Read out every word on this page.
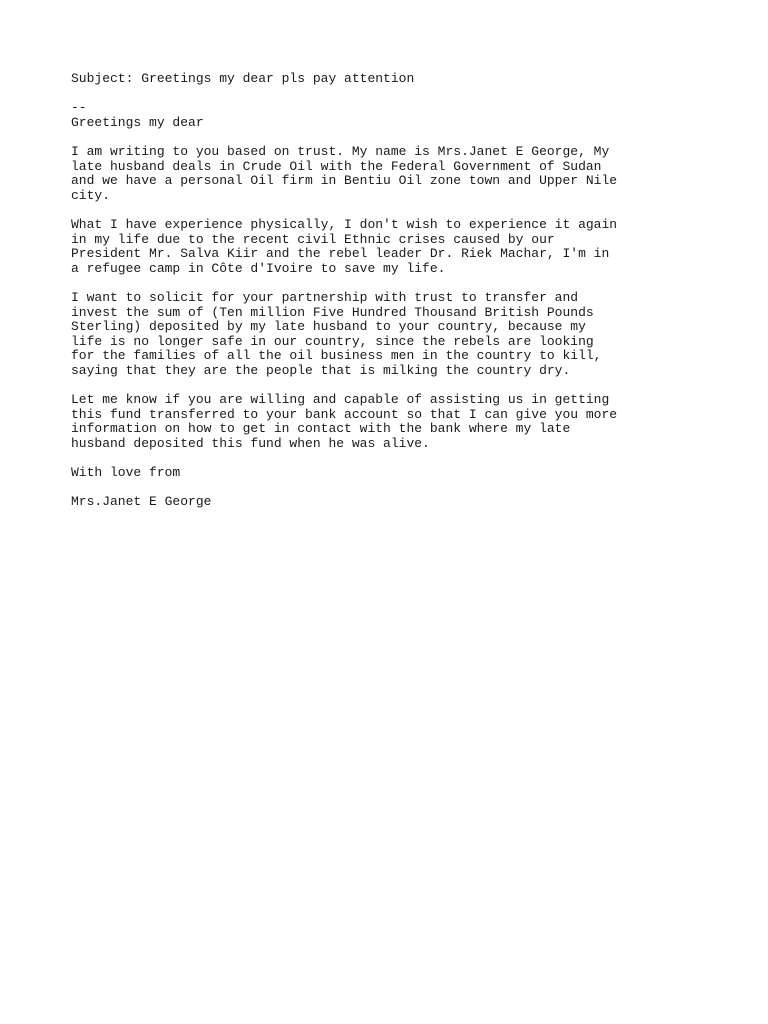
Subject: Greetings my dear pls pay attention
--
Greetings my dear
I am writing to you based on trust. My name is Mrs.Janet E George, My
late husband deals in Crude Oil with the Federal Government of Sudan
and we have a personal Oil firm in Bentiu Oil zone town and Upper Nile
city.
What I have experience physically, I don't wish to experience it again
in my life due to the recent civil Ethnic crises caused by our
President Mr. Salva Kiir and the rebel leader Dr. Riek Machar, I'm in
a refugee camp in Côte d'Ivoire to save my life.
I want to solicit for your partnership with trust to transfer and
invest the sum of (Ten million Five Hundred Thousand British Pounds
Sterling) deposited by my late husband to your country, because my
life is no longer safe in our country, since the rebels are looking
for the families of all the oil business men in the country to kill,
saying that they are the people that is milking the country dry.
Let me know if you are willing and capable of assisting us in getting
this fund transferred to your bank account so that I can give you more
information on how to get in contact with the bank where my late
husband deposited this fund when he was alive.
With love from
Mrs.Janet E George
